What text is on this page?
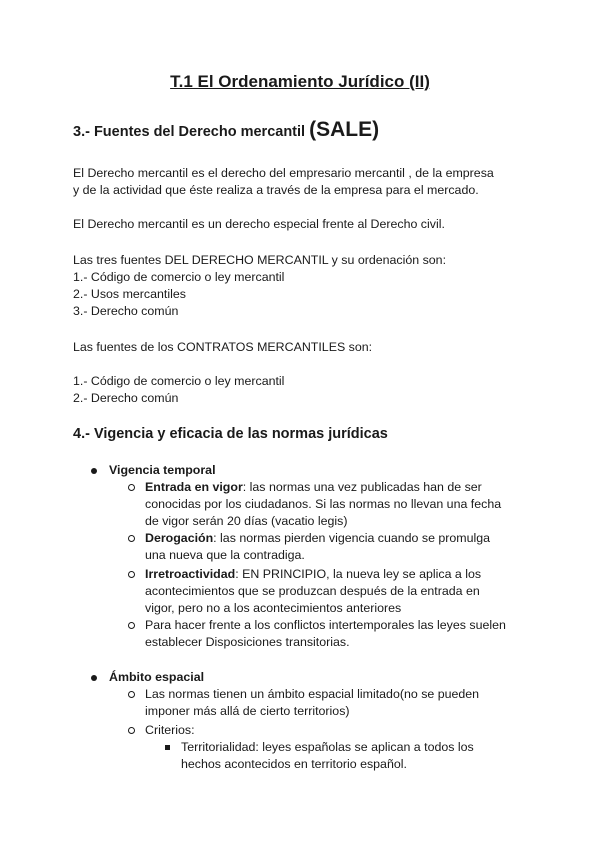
T.1 El Ordenamiento Jurídico (II)
3.- Fuentes del Derecho mercantil (SALE)
El Derecho mercantil es el derecho del empresario mercantil , de la empresa
y de la actividad que éste realiza a través de la empresa para el mercado.
El Derecho mercantil es un derecho especial frente al Derecho civil.
Las tres fuentes DEL DERECHO MERCANTIL y su ordenación son:
1.- Código de comercio o ley mercantil
2.- Usos mercantiles
3.- Derecho común
Las fuentes de los CONTRATOS MERCANTILES son:
1.- Código de comercio o ley mercantil
2.- Derecho común
4.- Vigencia y eficacia de las normas jurídicas
Vigencia temporal
Entrada en vigor: las normas una vez publicadas han de ser
conocidas por los ciudadanos. Si las normas no llevan una fecha
de vigor serán 20 días (vacatio legis)
Derogación: las normas pierden vigencia cuando se promulga
una nueva que la contradiga.
Irretroactividad: EN PRINCIPIO, la nueva ley se aplica a los
acontecimientos que se produzcan después de la entrada en
vigor, pero no a los acontecimientos anteriores
Para hacer frente a los conflictos intertemporales las leyes suelen
establecer Disposiciones transitorias.
Ámbito espacial
Las normas tienen un ámbito espacial limitado(no se pueden
imponer más allá de cierto territorios)
Criterios:
Territorialidad: leyes españolas se aplican a todos los
hechos acontecidos en territorio español.
